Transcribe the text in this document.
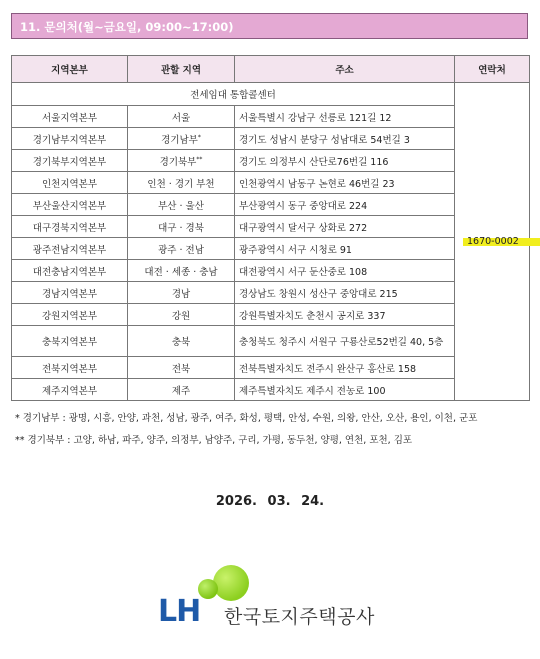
11. 문의처(월~금요일, 09:00~17:00)
지역본부	관할 지역	주소	연락처
전세임대 통합콜센터			1670-0002

서울지역본부	서울	서울특별시 강남구 선릉로 121길 12	
경기남부지역본부	경기남부*	경기도 성남시 분당구 성남대로 54번길 3	
경기북부지역본부	경기북부**	경기도 의정부시 산단로76번길 116	
인천지역본부	인천 · 경기 부천	인천광역시 남동구 논현로 46번길 23	
부산울산지역본부	부산 · 울산	부산광역시 동구 중앙대로 224	
대구경북지역본부	대구 · 경북	대구광역시 달서구 상화로 272	
광주전남지역본부	광주 · 전남	광주광역시 서구 시청로 91	
대전충남지역본부	대전 · 세종 · 충남	대전광역시 서구 둔산중로 108	
경남지역본부	경남	경상남도 창원시 성산구 중앙대로 215	
강원지역본부	강원	강원특별자치도 춘천시 공지로 337	
충북지역본부	충북	충청북도 청주시 서원구 구룡산로52번길 40, 5층	
전북지역본부	전북	전북특별자치도 전주시 완산구 홍산로 158	
제주지역본부	제주	제주특별자치도 제주시 전농로 100	
* 경기남부 : 광명, 시흥, 안양, 과천, 성남, 광주, 여주, 화성, 평택, 안성, 수원, 의왕, 안산, 오산, 용인, 이천, 군포
** 경기북부 : 고양, 하남, 파주, 양주, 의정부, 남양주, 구리, 가평, 동두천, 양평, 연천, 포천, 김포
2026. 03. 24.
LH 한국토지주택공사
